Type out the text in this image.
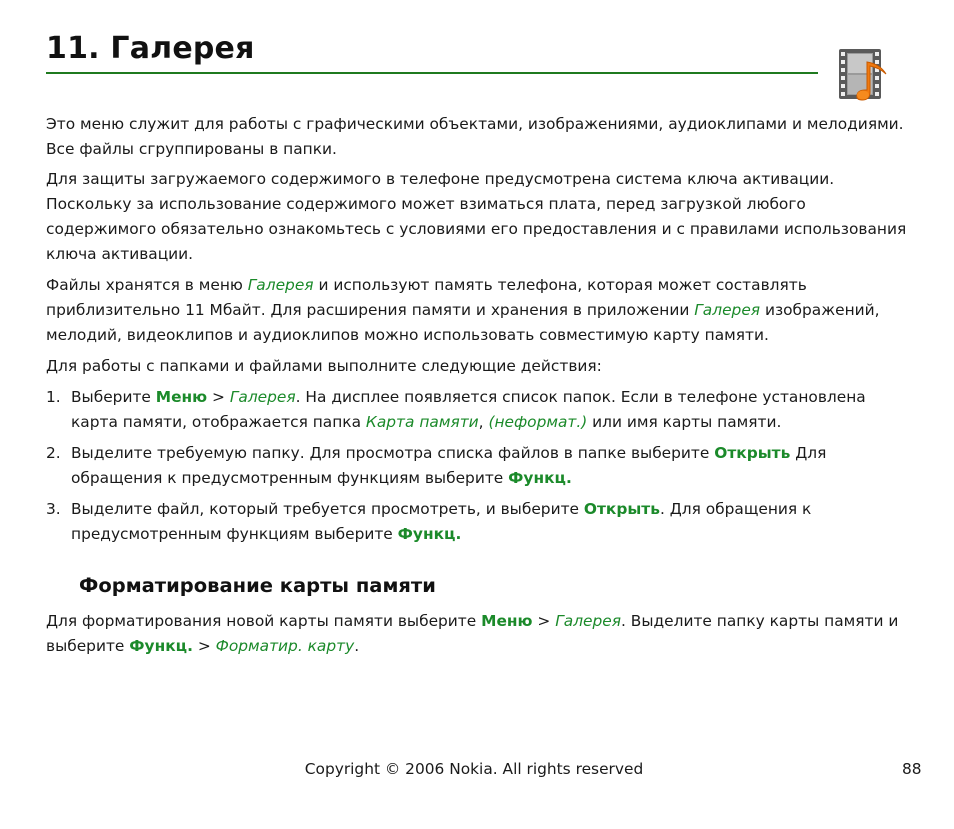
11. Галерея

Это меню служит для работы с графическими объектами, изображениями, аудиоклипами и мелодиями. Все файлы сгруппированы в папки.

Для защиты загружаемого содержимого в телефоне предусмотрена система ключа активации. Поскольку за использование содержимого может взиматься плата, перед загрузкой любого содержимого обязательно ознакомьтесь с условиями его предоставления и с правилами использования ключа активации.

Файлы хранятся в меню Галерея и используют память телефона, которая может составлять приблизительно 11 Мбайт. Для расширения памяти и хранения в приложении Галерея изображений, мелодий, видеоклипов и аудиоклипов можно использовать совместимую карту памяти.

Для работы с папками и файлами выполните следующие действия:

1. Выберите Меню > Галерея. На дисплее появляется список папок. Если в телефоне установлена карта памяти, отображается папка Карта памяти, (неформат.) или имя карты памяти.
2. Выделите требуемую папку. Для просмотра списка файлов в папке выберите Открыть Для обращения к предусмотренным функциям выберите Функц.
3. Выделите файл, который требуется просмотреть, и выберите Открыть. Для обращения к предусмотренным функциям выберите Функц.
Форматирование карты памяти

Для форматирования новой карты памяти выберите Меню > Галерея. Выделите папку карты памяти и выберите Функц. > Форматир. карту.

Copyright © 2006 Nokia. All rights reserved	88
